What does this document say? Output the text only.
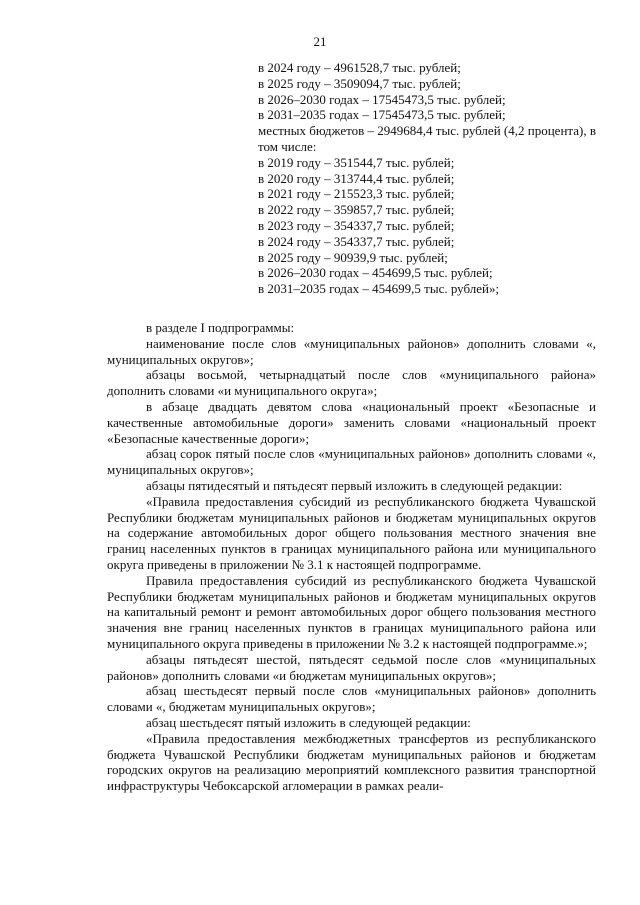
21
в 2024 году – 4961528,7 тыс. рублей;
в 2025 году – 3509094,7 тыс. рублей;
в 2026–2030 годах – 17545473,5 тыс. рублей;
в 2031–2035 годах – 17545473,5 тыс. рублей;
местных бюджетов – 2949684,4 тыс. рублей (4,2 процента), в том числе:
в 2019 году – 351544,7 тыс. рублей;
в 2020 году – 313744,4 тыс. рублей;
в 2021 году – 215523,3 тыс. рублей;
в 2022 году – 359857,7 тыс. рублей;
в 2023 году – 354337,7 тыс. рублей;
в 2024 году – 354337,7 тыс. рублей;
в 2025 году – 90939,9 тыс. рублей;
в 2026–2030 годах – 454699,5 тыс. рублей;
в 2031–2035 годах – 454699,5 тыс. рублей»;

в разделе I подпрограммы:

наименование после слов «муниципальных районов» дополнить словами «, муниципальных округов»;

абзацы восьмой, четырнадцатый после слов «муниципального района» дополнить словами «и муниципального округа»;

в абзаце двадцать девятом слова «национальный проект «Безопасные и качественные автомобильные дороги» заменить словами «национальный проект «Безопасные качественные дороги»;

абзац сорок пятый после слов «муниципальных районов» дополнить словами «, муниципальных округов»;

абзацы пятидесятый и пятьдесят первый изложить в следующей редакции:

«Правила предоставления субсидий из республиканского бюджета Чувашской Республики бюджетам муниципальных районов и бюджетам муниципальных округов на содержание автомобильных дорог общего пользования местного значения вне границ населенных пунктов в границах муниципального района или муниципального округа приведены в приложении № 3.1 к настоящей подпрограмме.

Правила предоставления субсидий из республиканского бюджета Чувашской Республики бюджетам муниципальных районов и бюджетам муниципальных округов на капитальный ремонт и ремонт автомобильных дорог общего пользования местного значения вне границ населенных пунктов в границах муниципального района или муниципального округа приведены в приложении № 3.2 к настоящей подпрограмме.»;

абзацы пятьдесят шестой, пятьдесят седьмой после слов «муниципальных районов» дополнить словами «и бюджетам муниципальных округов»;

абзац шестьдесят первый после слов «муниципальных районов» дополнить словами «, бюджетам муниципальных округов»;

абзац шестьдесят пятый изложить в следующей редакции:

«Правила предоставления межбюджетных трансфертов из республиканского бюджета Чувашской Республики бюджетам муниципальных районов и бюджетам городских округов на реализацию мероприятий комплексного развития транспортной инфраструктуры Чебоксарской агломерации в рамках реали-
